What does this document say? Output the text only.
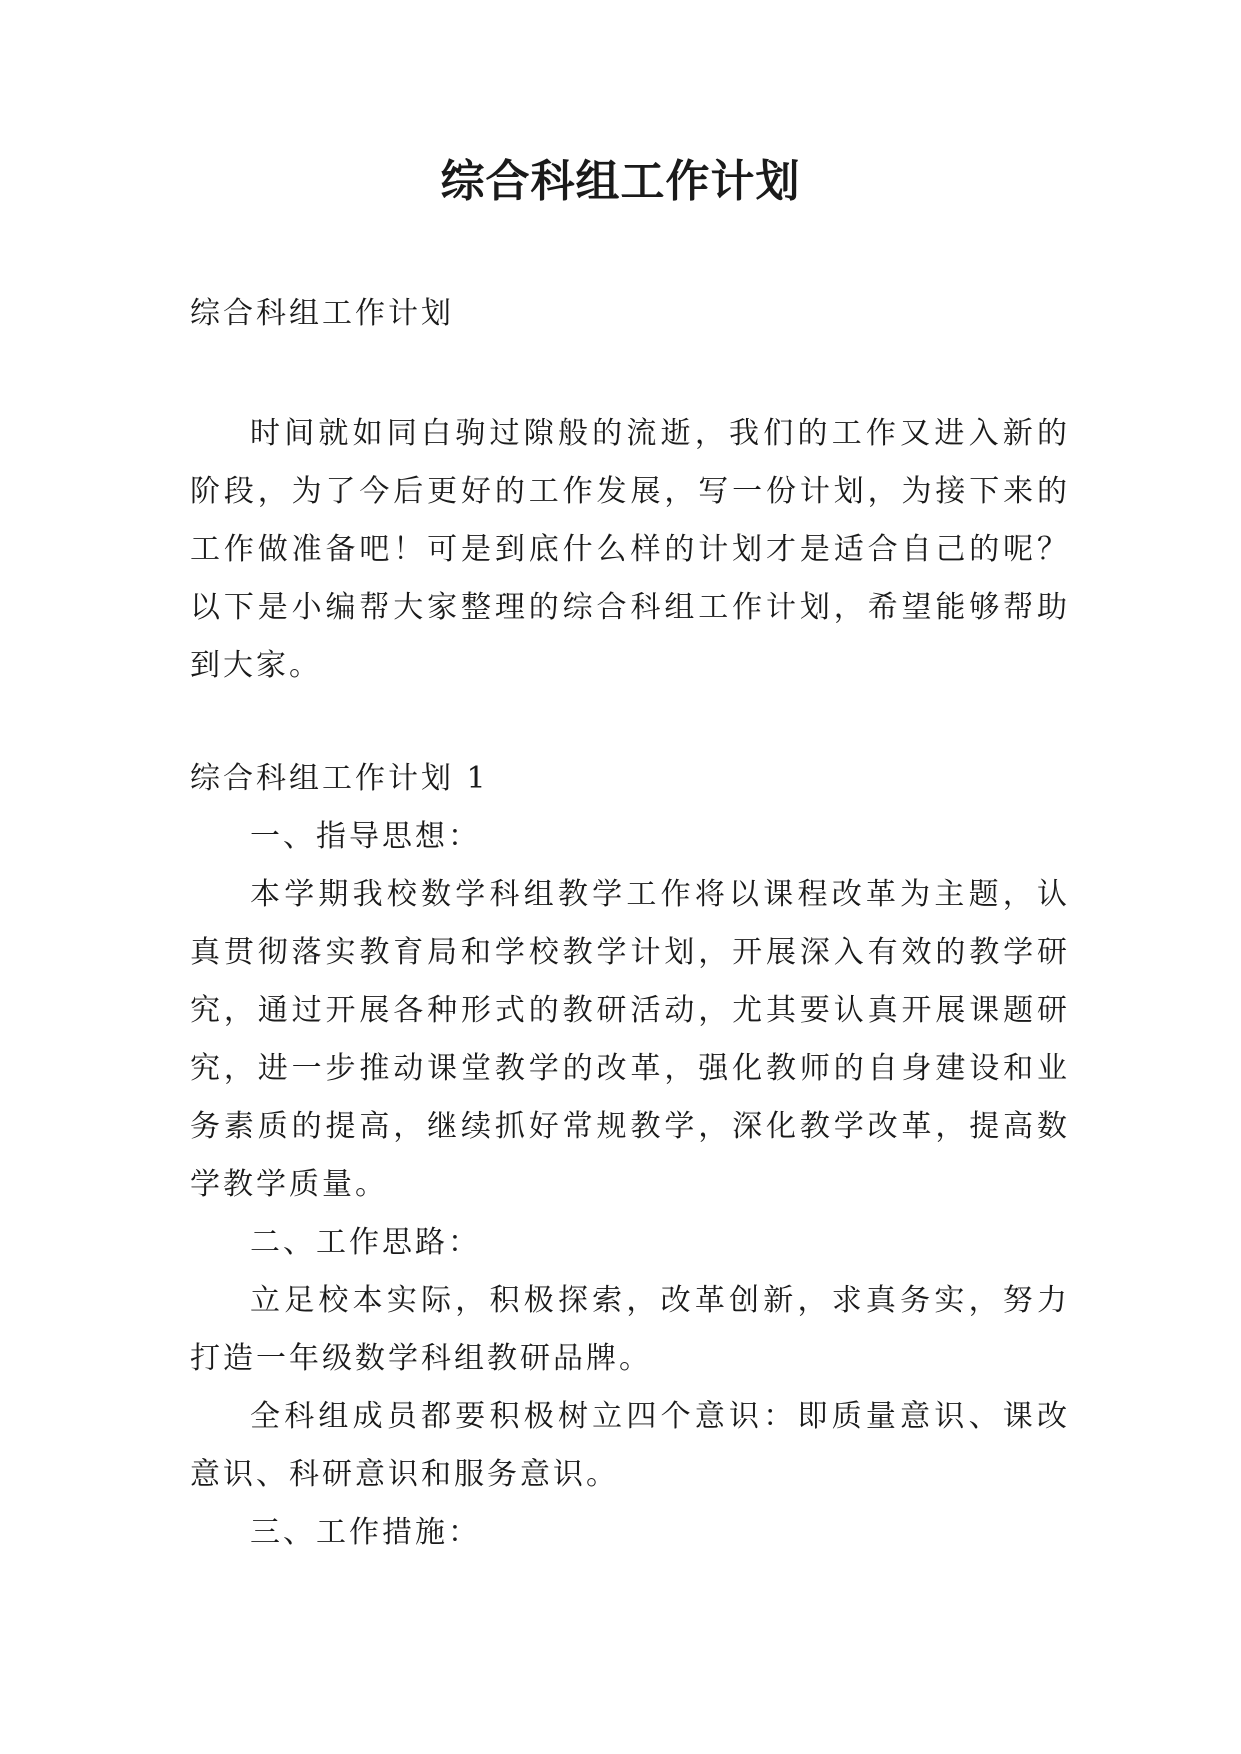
综合科组工作计划

综合科组工作计划

时间就如同白驹过隙般的流逝，我们的工作又进入新的阶段，为了今后更好的工作发展，写一份计划，为接下来的工作做准备吧！可是到底什么样的计划才是适合自己的呢？以下是小编帮大家整理的综合科组工作计划，希望能够帮助到大家。

综合科组工作计划 1

一、指导思想：

本学期我校数学科组教学工作将以课程改革为主题，认真贯彻落实教育局和学校教学计划，开展深入有效的教学研究，通过开展各种形式的教研活动，尤其要认真开展课题研究，进一步推动课堂教学的改革，强化教师的自身建设和业务素质的提高，继续抓好常规教学，深化教学改革，提高数学教学质量。

二、工作思路：

立足校本实际，积极探索，改革创新，求真务实，努力打造一年级数学科组教研品牌。

全科组成员都要积极树立四个意识：即质量意识、课改意识、科研意识和服务意识。

三、工作措施：
